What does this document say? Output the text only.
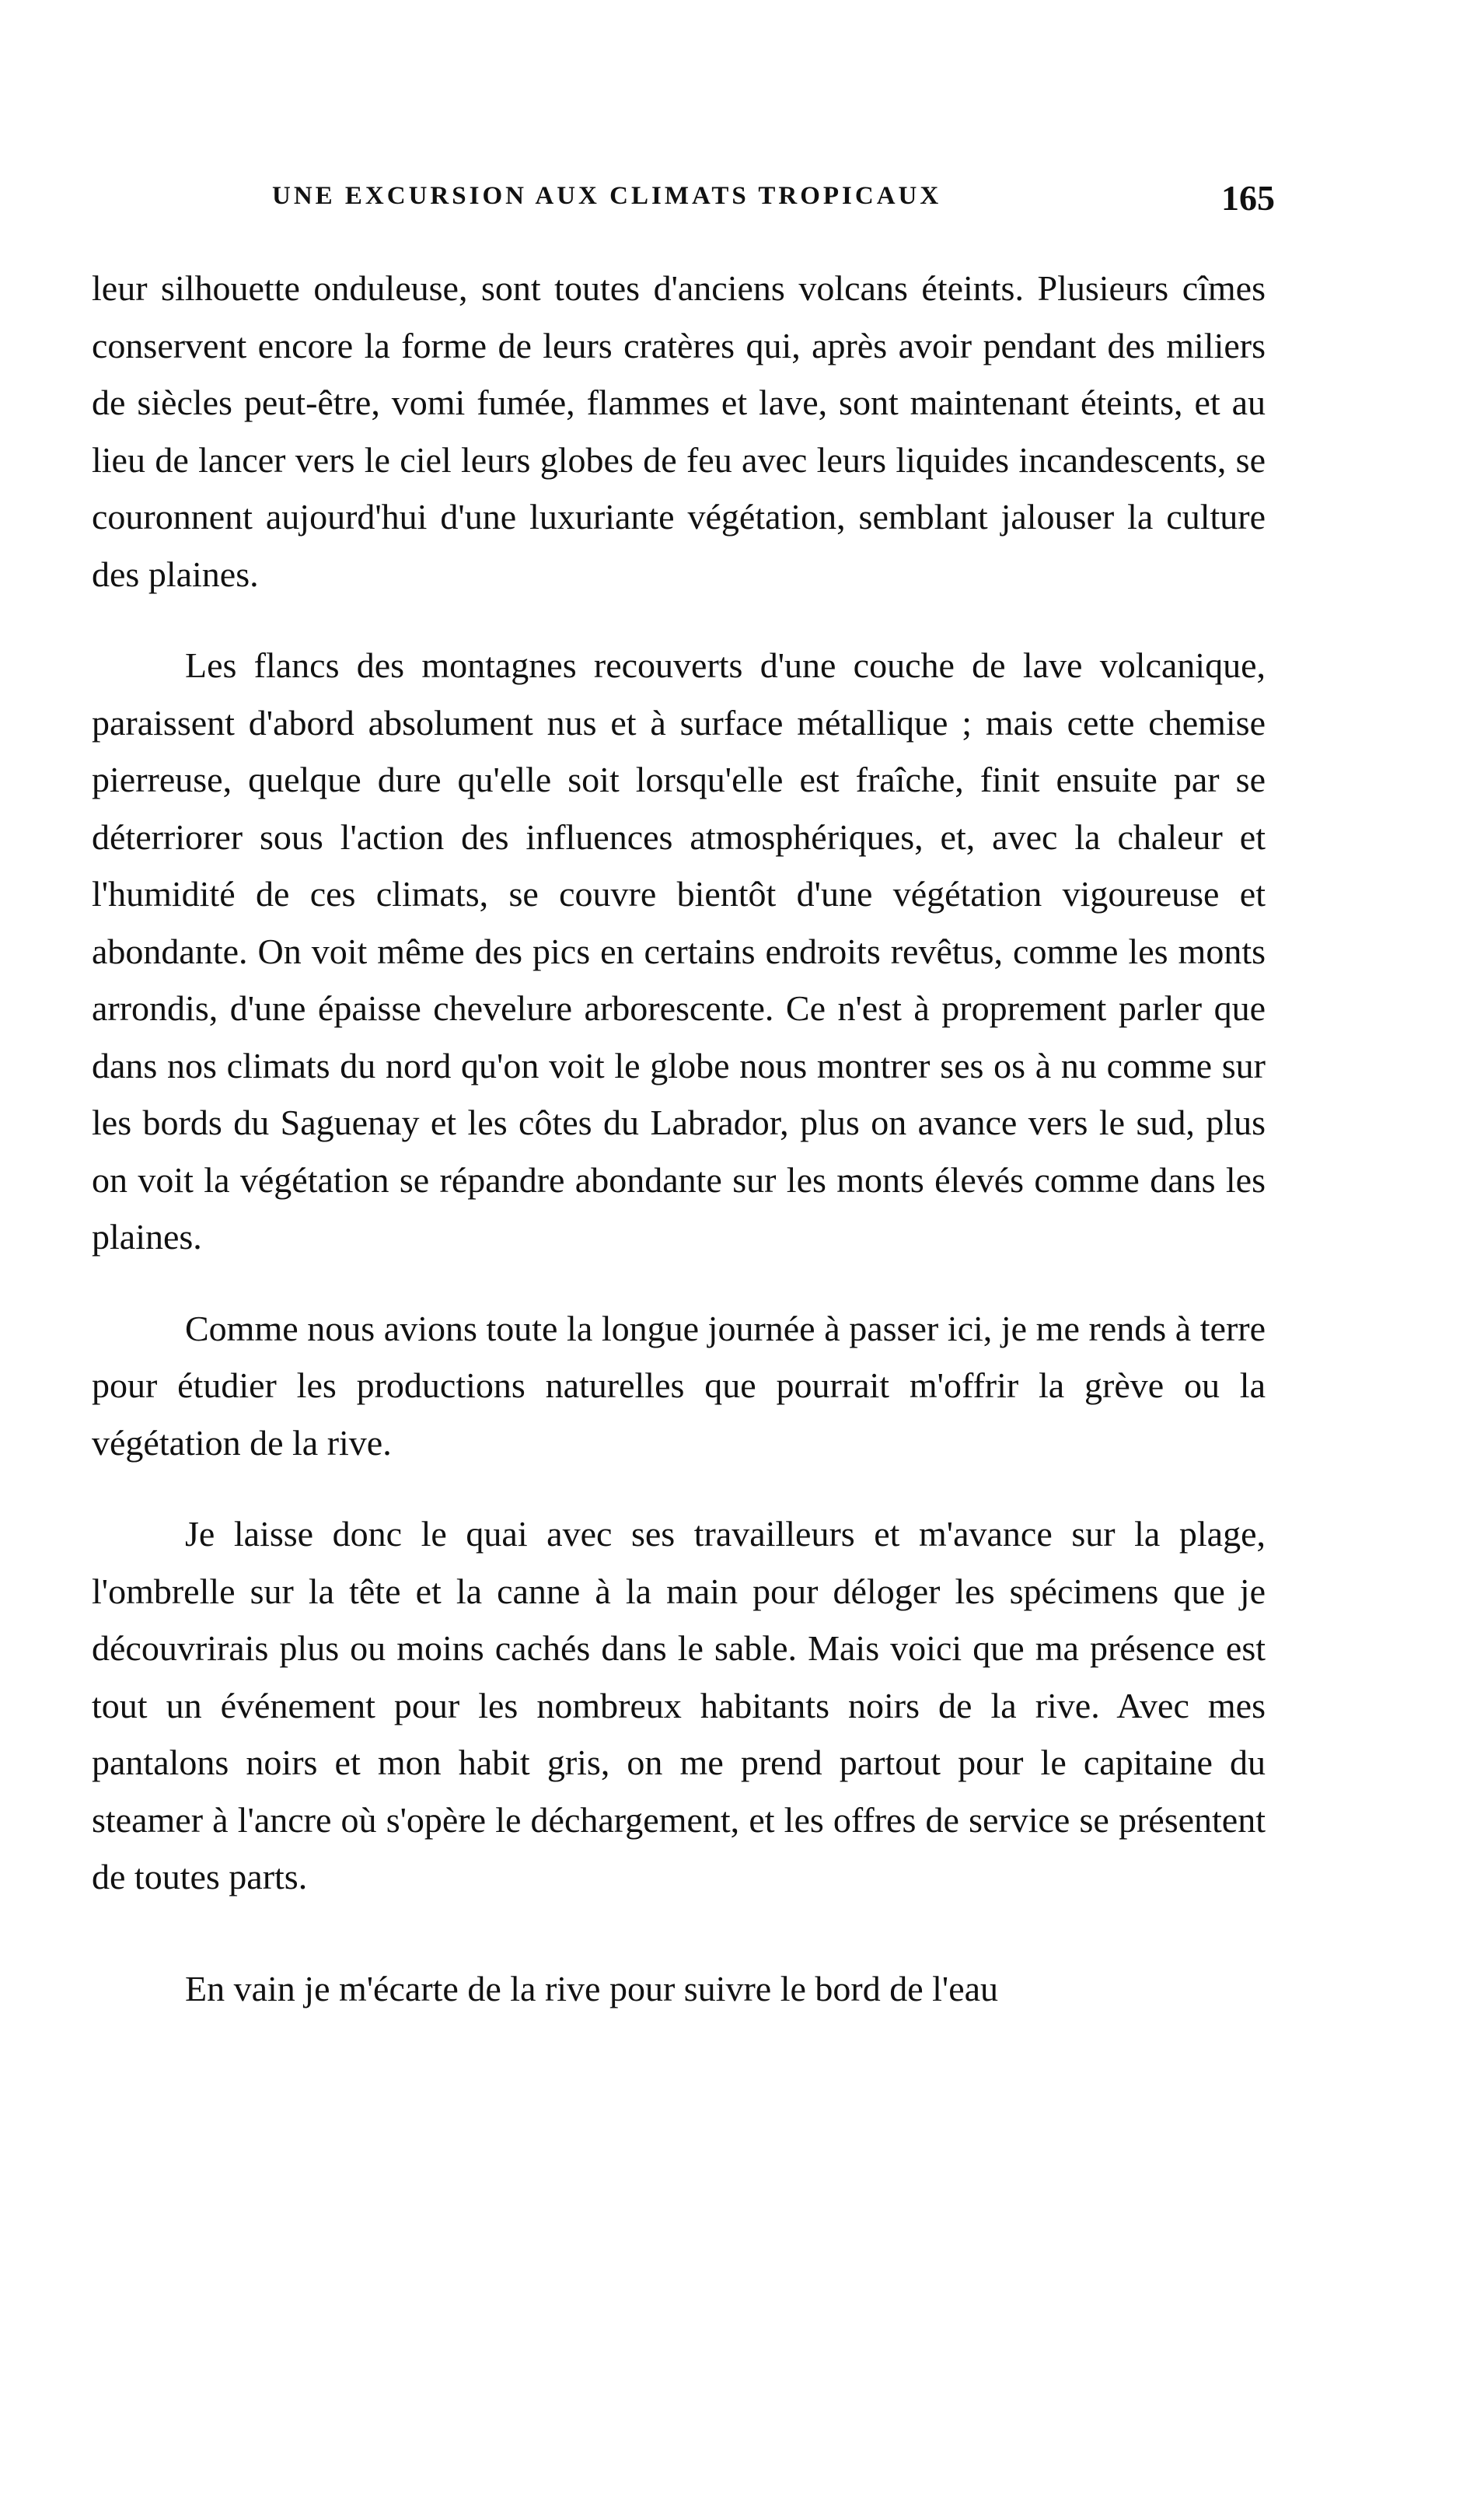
UNE EXCURSION AUX CLIMATS TROPICAUX	165

leur silhouette onduleuse, sont toutes d'anciens volcans éteints. Plusieurs cîmes conservent encore la forme de leurs cratères qui, après avoir pendant des miliers de siècles peut-être, vomi fumée, flammes et lave, sont maintenant éteints, et au lieu de lancer vers le ciel leurs globes de feu avec leurs liquides incandescents, se couronnent aujourd'hui d'une luxuriante végétation, semblant jalouser la culture des plaines.

Les flancs des montagnes recouverts d'une couche de lave volcanique, paraissent d'abord absolument nus et à surface métallique ; mais cette chemise pierreuse, quelque dure qu'elle soit lorsqu'elle est fraîche, finit ensuite par se déterriorer sous l'action des influences atmosphériques, et, avec la chaleur et l'humidité de ces climats, se couvre bientôt d'une végétation vigoureuse et abondante. On voit même des pics en certains endroits revêtus, comme les monts arrondis, d'une épaisse chevelure arborescente. Ce n'est à proprement parler que dans nos climats du nord qu'on voit le globe nous montrer ses os à nu comme sur les bords du Saguenay et les côtes du Labrador, plus on avance vers le sud, plus on voit la végétation se répandre abondante sur les monts élevés comme dans les plaines.

Comme nous avions toute la longue journée à passer ici, je me rends à terre pour étudier les productions naturelles que pourrait m'offrir la grève ou la végétation de la rive.

Je laisse donc le quai avec ses travailleurs et m'avance sur la plage, l'ombrelle sur la tête et la canne à la main pour déloger les spécimens que je découvrirais plus ou moins cachés dans le sable. Mais voici que ma présence est tout un événement pour les nombreux habitants noirs de la rive. Avec mes pantalons noirs et mon habit gris, on me prend partout pour le capitaine du steamer à l'ancre où s'opère le déchargement, et les offres de service se présentent de toutes parts.

En vain je m'écarte de la rive pour suivre le bord de l'eau
